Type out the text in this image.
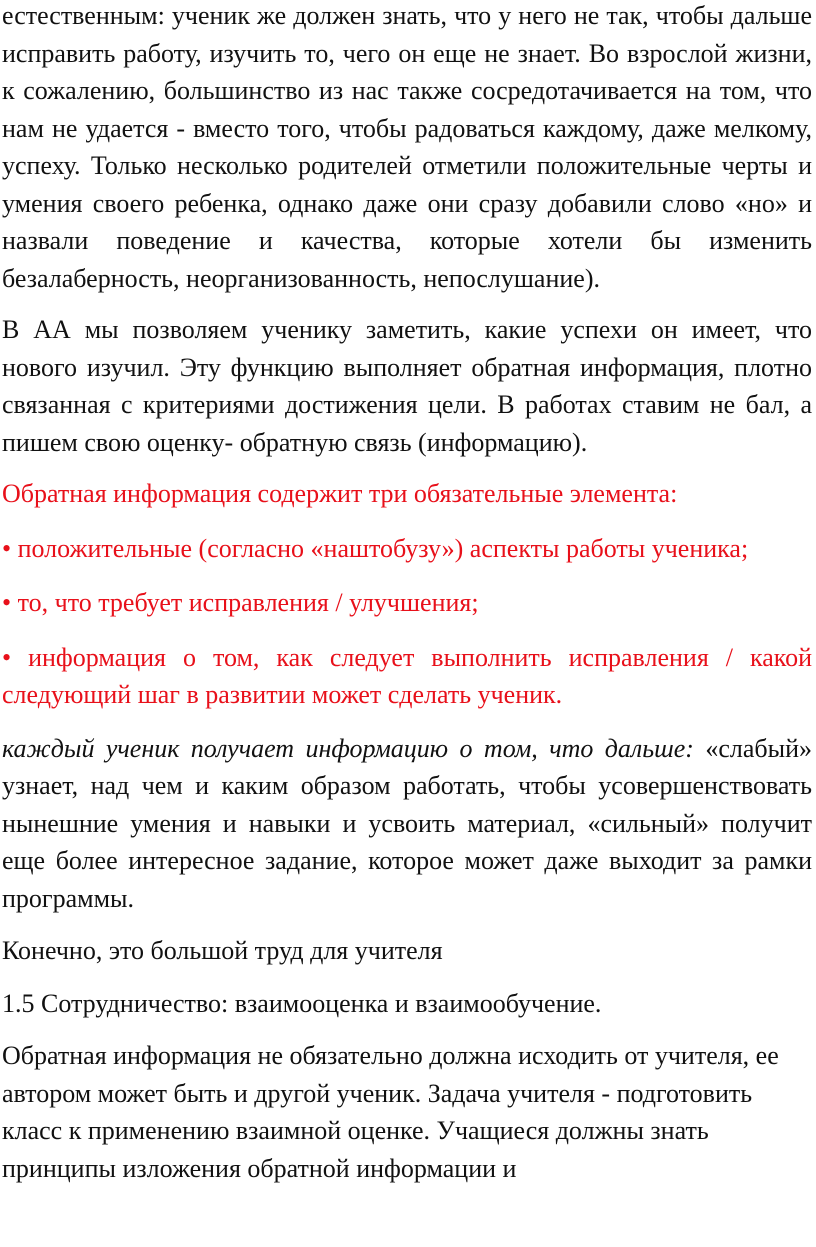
естественным: ученик же должен знать, что у него не так, чтобы дальше исправить работу, изучить то, чего он еще не знает. Во взрослой жизни, к сожалению, большинство из нас также сосредотачивается на том, что нам не удается - вместо того, чтобы радоваться каждому, даже мелкому, успеху. Только несколько родителей отметили положительные черты и умения своего ребенка, однако даже они сразу добавили слово «но» и назвали поведение и качества, которые хотели бы изменить безалаберность, неорганизованность, непослушание).

В АА мы позволяем ученику заметить, какие успехи он имеет, что нового изучил. Эту функцию выполняет обратная информация, плотно связанная с критериями достижения цели. В работах ставим не бал, а пишем свою оценку- обратную связь (информацию).

Обратная информация содержит три обязательные элемента:

• положительные (согласно «наштобузу») аспекты работы ученика;

• то, что требует исправления / улучшения;

• информация о том, как следует выполнить исправления / какой следующий шаг в развитии может сделать ученик.

каждый ученик получает информацию о том, что дальше: «слабый» узнает, над чем и каким образом работать, чтобы усовершенствовать нынешние умения и навыки и усвоить материал, «сильный» получит еще более интересное задание, которое может даже выходит за рамки программы.

Конечно, это большой труд для учителя

1.5 Сотрудничество: взаимооценка и взаимообучение.

Обратная информация не обязательно должна исходить от учителя, ее автором может быть и другой ученик. Задача учителя - подготовить класс к применению взаимной оценке. Учащиеся должны знать принципы изложения обратной информации и
